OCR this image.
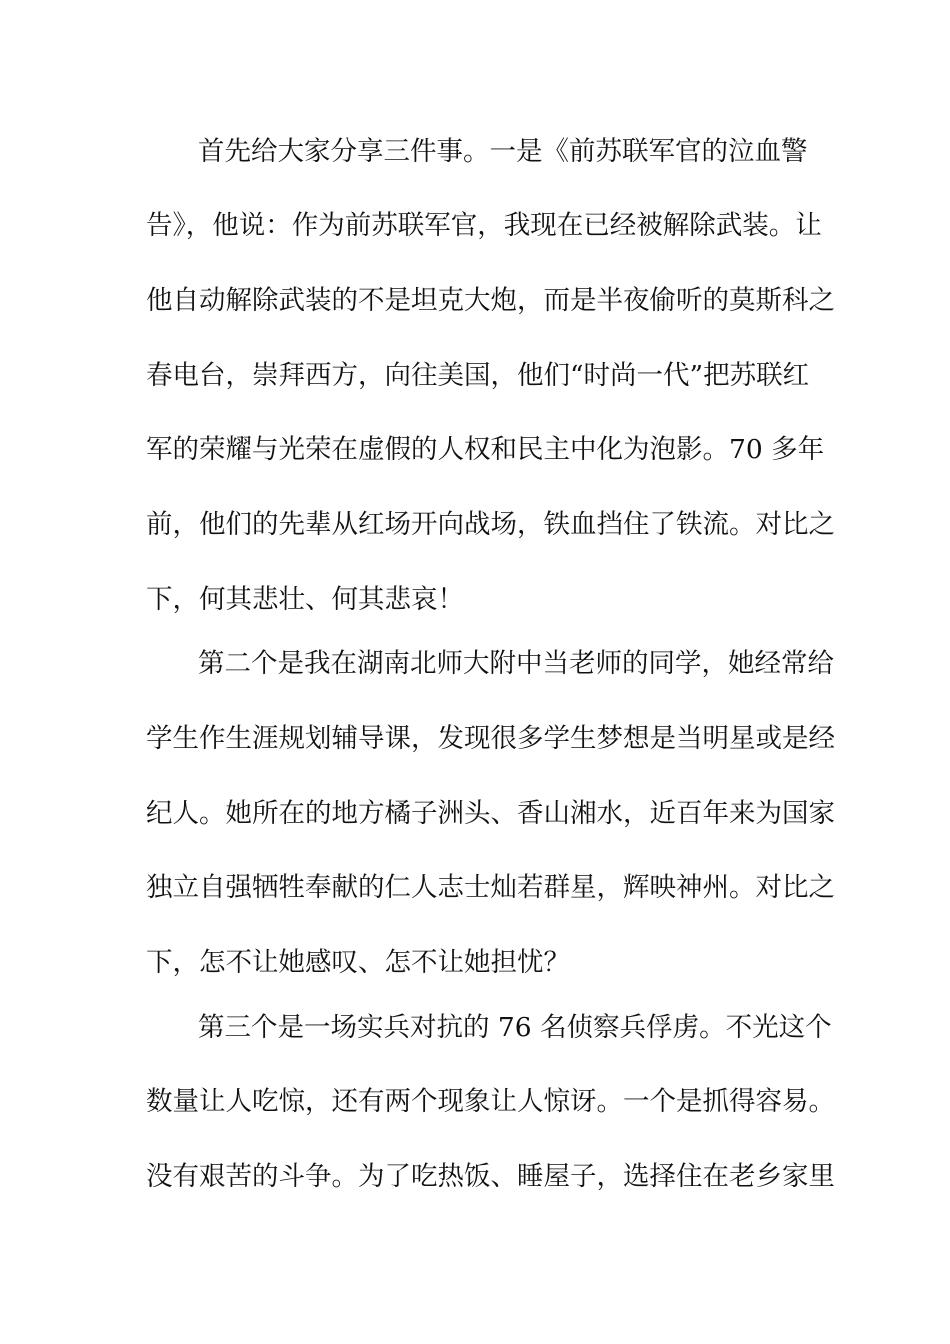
首先给大家分享三件事。一是《前苏联军官的泣血警
告》，他说：作为前苏联军官，我现在已经被解除武装。让
他自动解除武装的不是坦克大炮，而是半夜偷听的莫斯科之
春电台，崇拜西方，向往美国，他们“时尚一代”把苏联红
军的荣耀与光荣在虚假的人权和民主中化为泡影。70 多年
前，他们的先辈从红场开向战场，铁血挡住了铁流。对比之
下，何其悲壮、何其悲哀！
第二个是我在湖南北师大附中当老师的同学，她经常给
学生作生涯规划辅导课，发现很多学生梦想是当明星或是经
纪人。她所在的地方橘子洲头、香山湘水，近百年来为国家
独立自强牺牲奉献的仁人志士灿若群星，辉映神州。对比之
下，怎不让她感叹、怎不让她担忧？
第三个是一场实兵对抗的 76 名侦察兵俘虏。不光这个
数量让人吃惊，还有两个现象让人惊讶。一个是抓得容易。
没有艰苦的斗争。为了吃热饭、睡屋子，选择住在老乡家里
